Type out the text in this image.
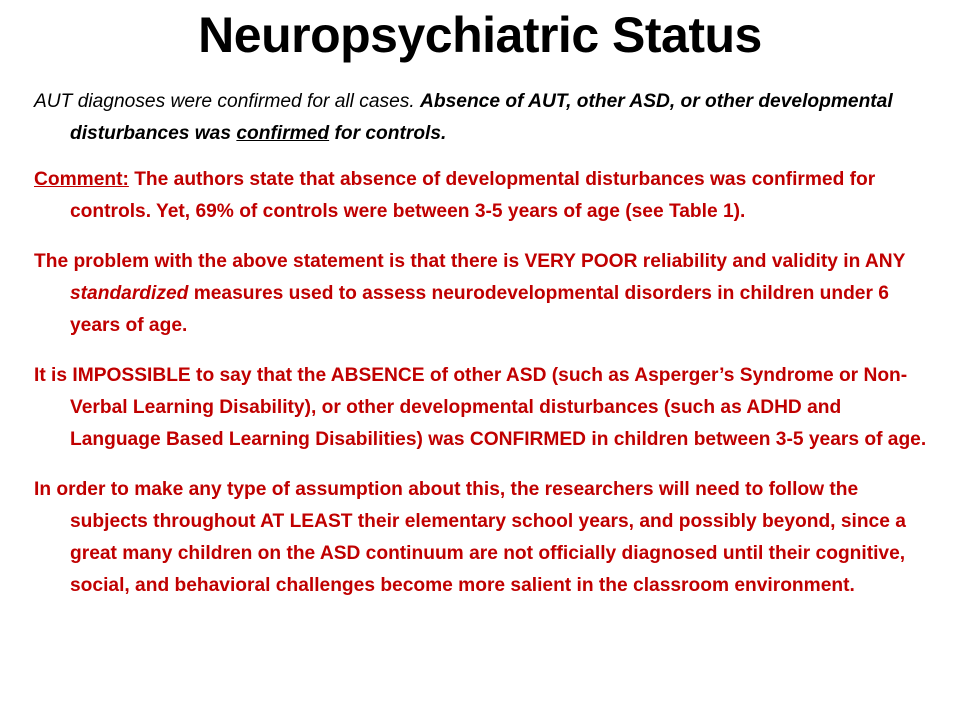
Neuropsychiatric Status

AUT diagnoses were confirmed for all cases. Absence of AUT, other ASD, or other developmental disturbances was confirmed for controls.

Comment: The authors state that absence of developmental disturbances was confirmed for controls. Yet, 69% of controls were between 3-5 years of age (see Table 1).

The problem with the above statement is that there is VERY POOR reliability and validity in ANY standardized measures used to assess neurodevelopmental disorders in children under 6 years of age.

It is IMPOSSIBLE to say that the ABSENCE of other ASD (such as Asperger’s Syndrome or Non-Verbal Learning Disability), or other developmental disturbances (such as ADHD and Language Based Learning Disabilities) was CONFIRMED in children between 3-5 years of age.

In order to make any type of assumption about this, the researchers will need to follow the subjects throughout AT LEAST their elementary school years, and possibly beyond, since a great many children on the ASD continuum are not officially diagnosed until their cognitive, social, and behavioral challenges become more salient in the classroom environment.
